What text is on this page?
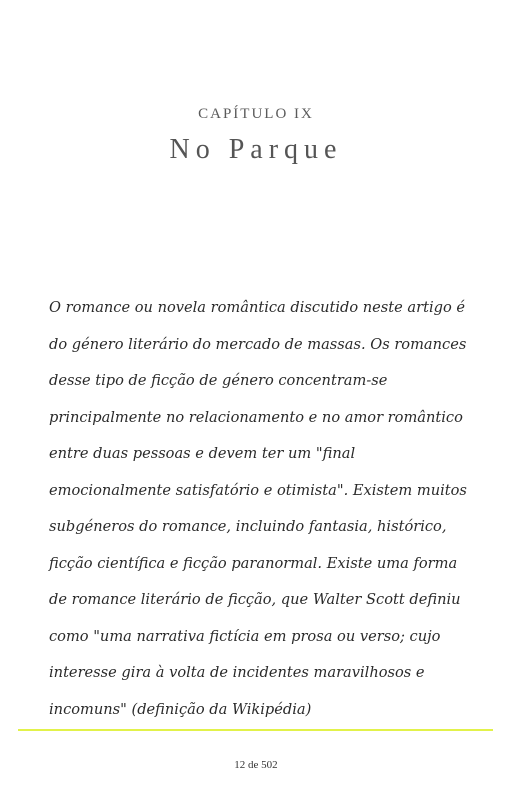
CAPÍTULO IX
No Parque

O romance ou novela romântica discutido neste artigo é do género literário do mercado de massas. Os romances desse tipo de ficção de género concentram-se principalmente no relacionamento e no amor romântico entre duas pessoas e devem ter um "final emocionalmente satisfatório e otimista". Existem muitos subgéneros do romance, incluindo fantasia, histórico, ficção científica e ficção paranormal. Existe uma forma de romance literário de ficção, que Walter Scott definiu como "uma narrativa fictícia em prosa ou verso; cujo interesse gira à volta de incidentes maravilhosos e incomuns" (definição da Wikipédia)

12 de 502
